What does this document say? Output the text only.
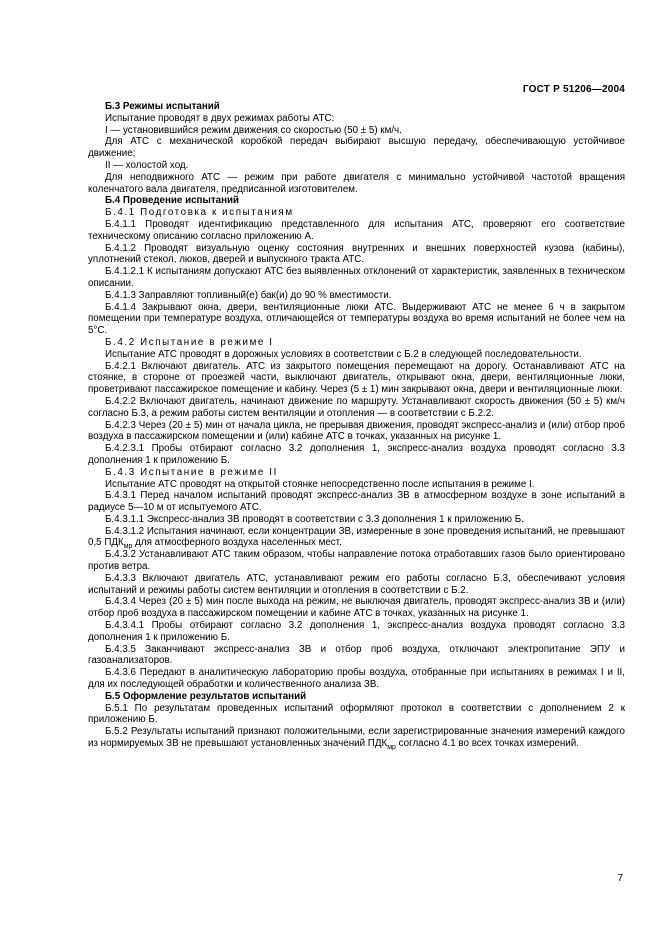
ГОСТ Р 51206—2004

Б.3 Режимы испытаний

Испытание проводят в двух режимах работы АТС:

I — установившийся режим движения со скоростью (50 ± 5) км/ч.

Для АТС с механической коробкой передач выбирают высшую передачу, обеспечивающую устойчивое движение;

II — холостой ход.

Для неподвижного АТС — режим при работе двигателя с минимально устойчивой частотой вращения коленчатого вала двигателя, предписанной изготовителем.

Б.4 Проведение испытаний

Б.4.1 Подготовка к испытаниям

Б.4.1.1 Проводят идентификацию представленного для испытания АТС, проверяют его соответствие техническому описанию согласно приложению А.

Б.4.1.2 Проводят визуальную оценку состояния внутренних и внешних поверхностей кузова (кабины), уплотнений стекол, люков, дверей и выпускного тракта АТС.

Б.4.1.2.1 К испытаниям допускают АТС без выявленных отклонений от характеристик, заявленных в техническом описании.

Б.4.1.3 Заправляют топливный(е) бак(и) до 90 % вместимости.

Б.4.1.4 Закрывают окна, двери, вентиляционные люки АТС. Выдерживают АТС не менее 6 ч в закрытом помещении при температуре воздуха, отличающейся от температуры воздуха во время испытаний не более чем на 5°С.

Б.4.2 Испытание в режиме I

Испытание АТС проводят в дорожных условиях в соответствии с Б.2 в следующей последовательности.

Б.4.2.1 Включают двигатель. АТС из закрытого помещения перемещают на дорогу. Останавливают АТС на стоянке, в стороне от проезжей части, выключают двигатель, открывают окна, двери, вентиляционные люки, проветривают пассажирское помещение и кабину. Через (5 ± 1) мин закрывают окна, двери и вентиляционные люки.

Б.4.2.2 Включают двигатель, начинают движение по маршруту. Устанавливают скорость движения (50 ± 5) км/ч согласно Б.3, а режим работы систем вентиляции и отопления — в соответствии с Б.2.2.

Б.4.2.3 Через (20 ± 5) мин от начала цикла, не прерывая движения, проводят экспресс-анализ и (или) отбор проб воздуха в пассажирском помещении и (или) кабине АТС в точках, указанных на рисунке 1.

Б.4.2.3.1 Пробы отбирают согласно 3.2 дополнения 1, экспресс-анализ воздуха проводят согласно 3.3 дополнения 1 к приложению Б.

Б.4.3 Испытание в режиме II

Испытание АТС проводят на открытой стоянке непосредственно после испытания в режиме I.

Б.4.3.1 Перед началом испытаний проводят экспресс-анализ ЗВ в атмосферном воздухе в зоне испытаний в радиусе 5—10 м от испытуемого АТС.

Б.4.3.1.1 Экспресс-анализ ЗВ проводят в соответствии с 3.3 дополнения 1 к приложению Б.

Б.4.3.1.2 Испытания начинают, если концентрации ЗВ, измеренные в зоне проведения испытаний, не превышают 0,5 $ПДК_{мр}$ для атмосферного воздуха населенных мест.

Б.4.3.2 Устанавливают АТС таким образом, чтобы направление потока отработавших газов было ориентировано против ветра.

Б.4.3.3 Включают двигатель АТС, устанавливают режим его работы согласно Б.3, обеспечивают условия испытаний и режимы работы систем вентиляции и отопления в соответствии с Б.2.

Б.4.3.4 Через (20 ± 5) мин после выхода на режим, не выключая двигатель, проводят экспресс-анализ ЗВ и (или) отбор проб воздуха в пассажирском помещении и кабине АТС в точках, указанных на рисунке 1.

Б.4.3.4.1 Пробы отбирают согласно 3.2 дополнения 1, экспресс-анализ воздуха проводят согласно 3.3 дополнения 1 к приложению Б.

Б.4.3.5 Заканчивают экспресс-анализ ЗВ и отбор проб воздуха, отключают электропитание ЭПУ и газоанализаторов.

Б.4.3.6 Передают в аналитическую лабораторию пробы воздуха, отобранные при испытаниях в режимах I и II, для их последующей обработки и количественного анализа ЗВ.

Б.5 Оформление результатов испытаний

Б.5.1 По результатам проведенных испытаний оформляют протокол в соответствии с дополнением 2 к приложению Б.

Б.5.2 Результаты испытаний признают положительными, если зарегистрированные значения измерений каждого из нормируемых ЗВ не превышают установленных значений $ПДК_{мр}$ согласно 4.1 во всех точках измерений.

7
